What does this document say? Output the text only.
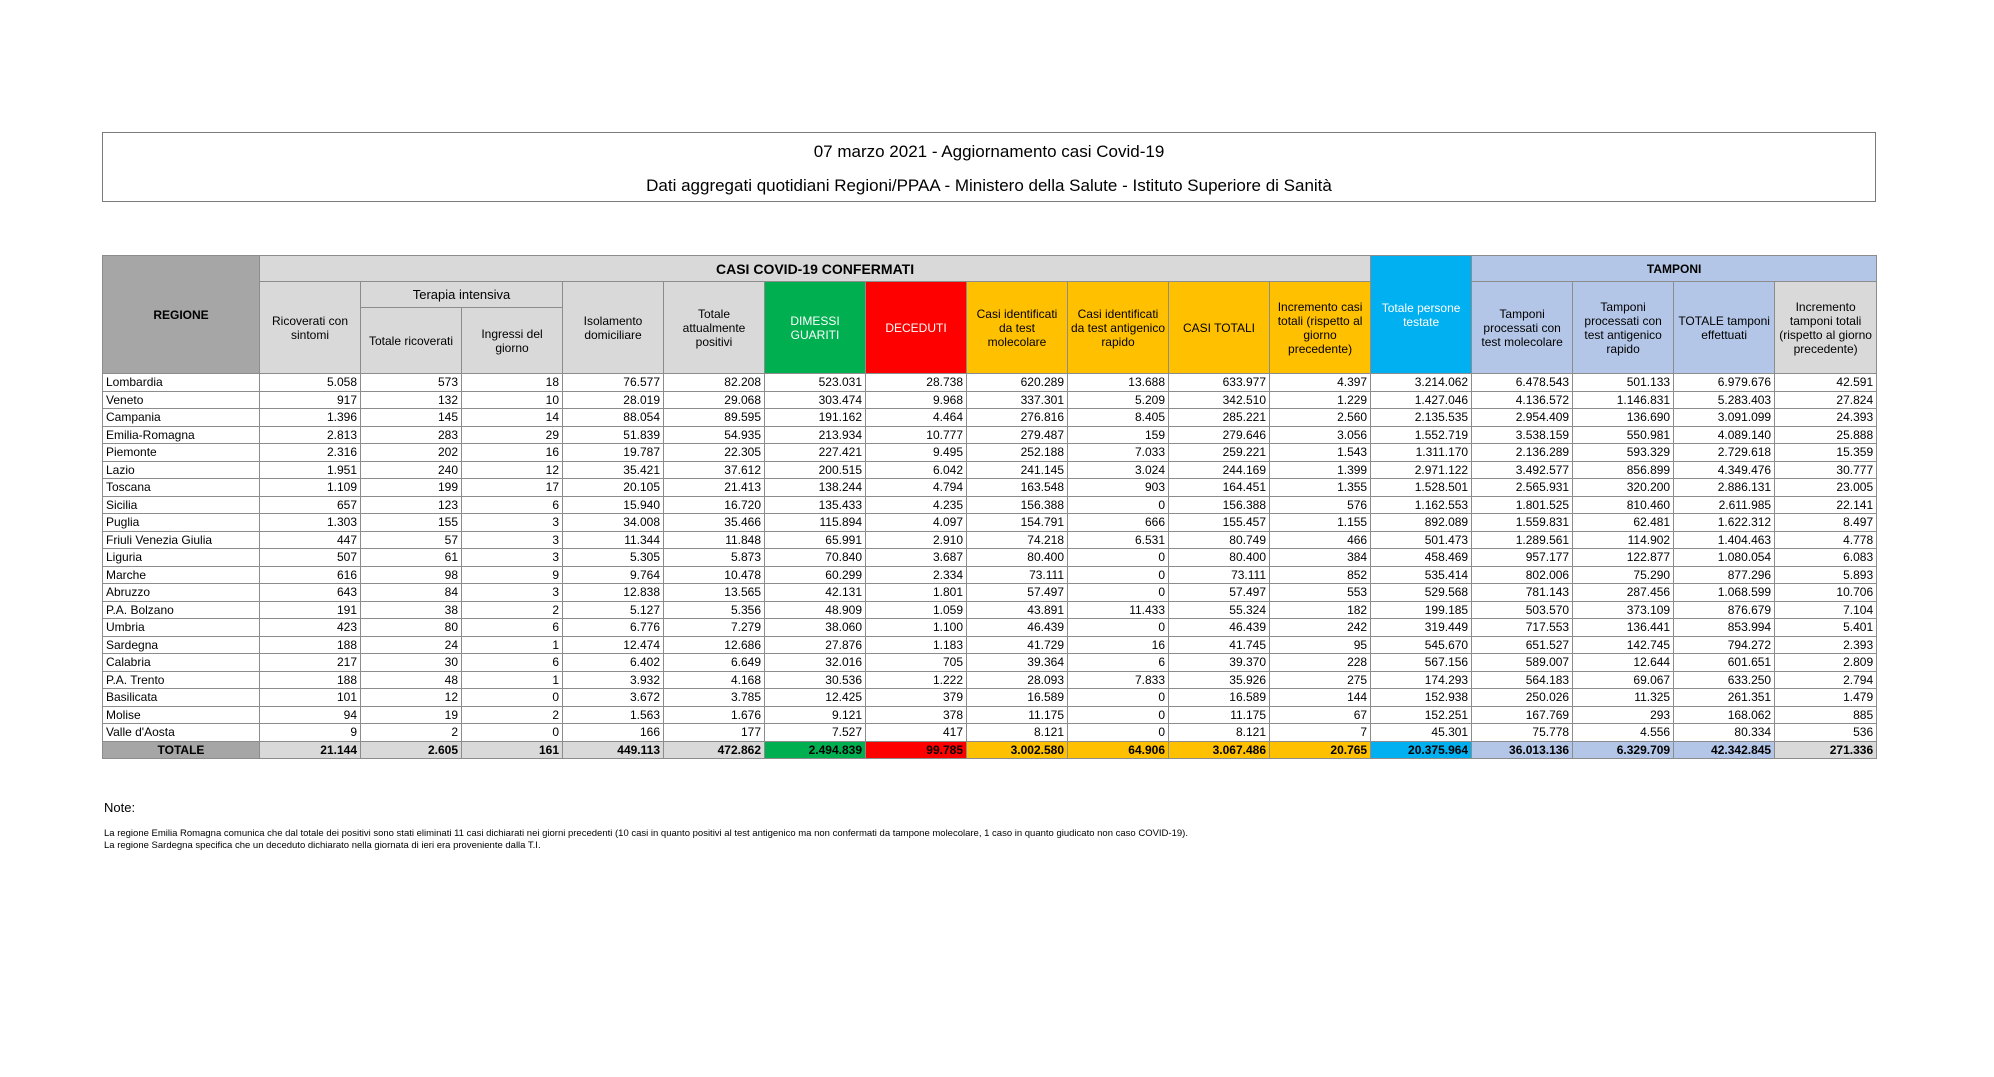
07 marzo 2021 - Aggiornamento casi Covid-19
Dati aggregati quotidiani Regioni/PPAA - Ministero della Salute - Istituto Superiore di Sanità
REGIONE	CASI COVID-19 CONFERMATI											Totale persone testate	TAMPONI			
	Ricoverati con sintomi	Terapia intensiva		Isolamento domiciliare	Totale attualmente positivi	DIMESSI GUARITI	DECEDUTI	Casi identificati da test molecolare	Casi identificati da test antigenico rapido	CASI TOTALI	Incremento casi totali (rispetto al giorno precedente)		Tamponi processati con test molecolare	Tamponi processati con test antigenico rapido	TOTALE tamponi effettuati	Incremento tamponi totali (rispetto al giorno precedente)
		Totale ricoverati	Ingressi del giorno													
Lombardia	5.058	573	18	76.577	82.208	523.031	28.738	620.289	13.688	633.977	4.397	3.214.062	6.478.543	501.133	6.979.676	42.591
Veneto	917	132	10	28.019	29.068	303.474	9.968	337.301	5.209	342.510	1.229	1.427.046	4.136.572	1.146.831	5.283.403	27.824
Campania	1.396	145	14	88.054	89.595	191.162	4.464	276.816	8.405	285.221	2.560	2.135.535	2.954.409	136.690	3.091.099	24.393
Emilia-Romagna	2.813	283	29	51.839	54.935	213.934	10.777	279.487	159	279.646	3.056	1.552.719	3.538.159	550.981	4.089.140	25.888
Piemonte	2.316	202	16	19.787	22.305	227.421	9.495	252.188	7.033	259.221	1.543	1.311.170	2.136.289	593.329	2.729.618	15.359
Lazio	1.951	240	12	35.421	37.612	200.515	6.042	241.145	3.024	244.169	1.399	2.971.122	3.492.577	856.899	4.349.476	30.777
Toscana	1.109	199	17	20.105	21.413	138.244	4.794	163.548	903	164.451	1.355	1.528.501	2.565.931	320.200	2.886.131	23.005
Sicilia	657	123	6	15.940	16.720	135.433	4.235	156.388	0	156.388	576	1.162.553	1.801.525	810.460	2.611.985	22.141
Puglia	1.303	155	3	34.008	35.466	115.894	4.097	154.791	666	155.457	1.155	892.089	1.559.831	62.481	1.622.312	8.497
Friuli Venezia Giulia	447	57	3	11.344	11.848	65.991	2.910	74.218	6.531	80.749	466	501.473	1.289.561	114.902	1.404.463	4.778
Liguria	507	61	3	5.305	5.873	70.840	3.687	80.400	0	80.400	384	458.469	957.177	122.877	1.080.054	6.083
Marche	616	98	9	9.764	10.478	60.299	2.334	73.111	0	73.111	852	535.414	802.006	75.290	877.296	5.893
Abruzzo	643	84	3	12.838	13.565	42.131	1.801	57.497	0	57.497	553	529.568	781.143	287.456	1.068.599	10.706
P.A. Bolzano	191	38	2	5.127	5.356	48.909	1.059	43.891	11.433	55.324	182	199.185	503.570	373.109	876.679	7.104
Umbria	423	80	6	6.776	7.279	38.060	1.100	46.439	0	46.439	242	319.449	717.553	136.441	853.994	5.401
Sardegna	188	24	1	12.474	12.686	27.876	1.183	41.729	16	41.745	95	545.670	651.527	142.745	794.272	2.393
Calabria	217	30	6	6.402	6.649	32.016	705	39.364	6	39.370	228	567.156	589.007	12.644	601.651	2.809
P.A. Trento	188	48	1	3.932	4.168	30.536	1.222	28.093	7.833	35.926	275	174.293	564.183	69.067	633.250	2.794
Basilicata	101	12	0	3.672	3.785	12.425	379	16.589	0	16.589	144	152.938	250.026	11.325	261.351	1.479
Molise	94	19	2	1.563	1.676	9.121	378	11.175	0	11.175	67	152.251	167.769	293	168.062	885
Valle d'Aosta	9	2	0	166	177	7.527	417	8.121	0	8.121	7	45.301	75.778	4.556	80.334	536
TOTALE	21.144	2.605	161	449.113	472.862	2.494.839	99.785	3.002.580	64.906	3.067.486	20.765	20.375.964	36.013.136	6.329.709	42.342.845	271.336
Note:
La regione Emilia Romagna comunica che dal totale dei positivi sono stati eliminati 11 casi dichiarati nei giorni precedenti (10 casi in quanto positivi al test antigenico ma non confermati da tampone molecolare, 1 caso in quanto giudicato non caso COVID-19).
La regione Sardegna specifica che un deceduto dichiarato nella giornata di ieri era proveniente dalla T.I.
